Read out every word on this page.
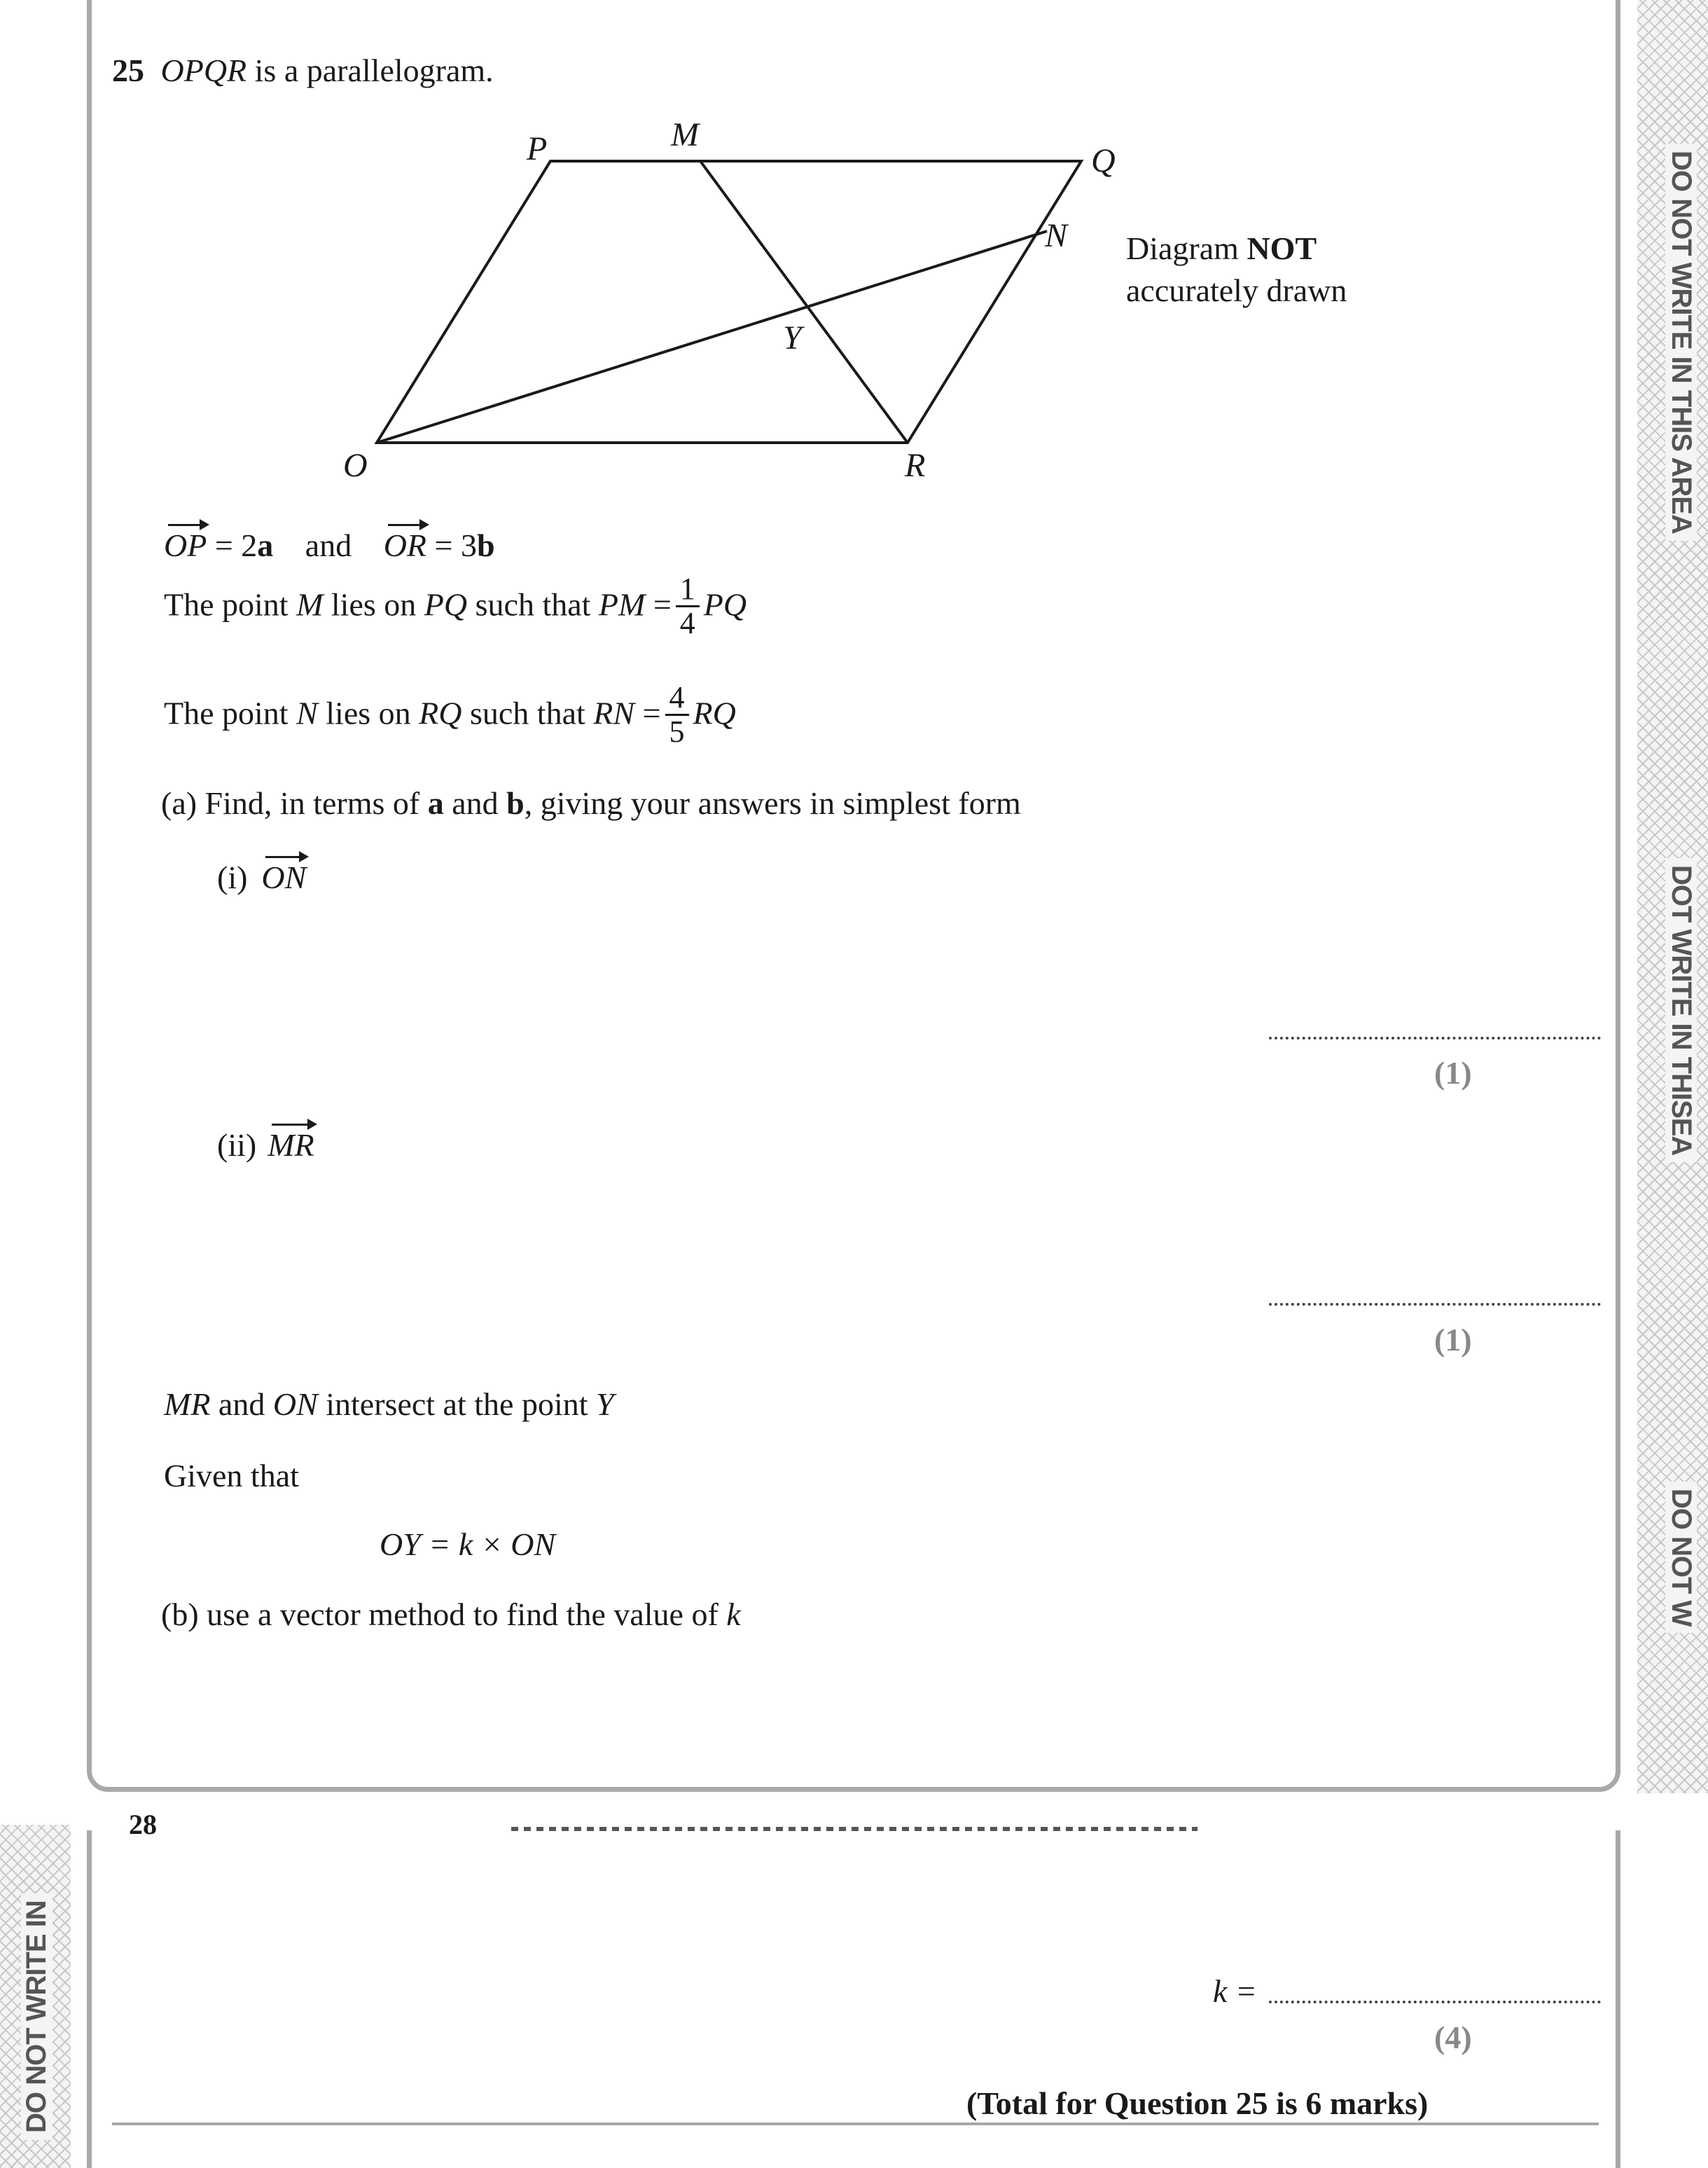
DO NOT WRITE IN THIS AREA
DOT WRITE IN THISEA
DO NOT W
DO NOT WRITE IN
25 OPQR is a parallelogram.
P	M
Q
N
Y
O	R
Diagram NOT
accurately drawn
OP = 2a and OR = 3b
The point M lies on PQ such that PM = $\frac{1}{4}$ PQ
The point N lies on RQ such that RN = $\frac{4}{5}$ RQ
(a) Find, in terms of a and b, giving your answers in simplest form
(i) ON
(1)
(ii) MR
(1)
MR and ON intersect at the point Y
Given that
OY = k × ON
(b) use a vector method to find the value of k
28
k =
(4)
(Total for Question 25 is 6 marks)
